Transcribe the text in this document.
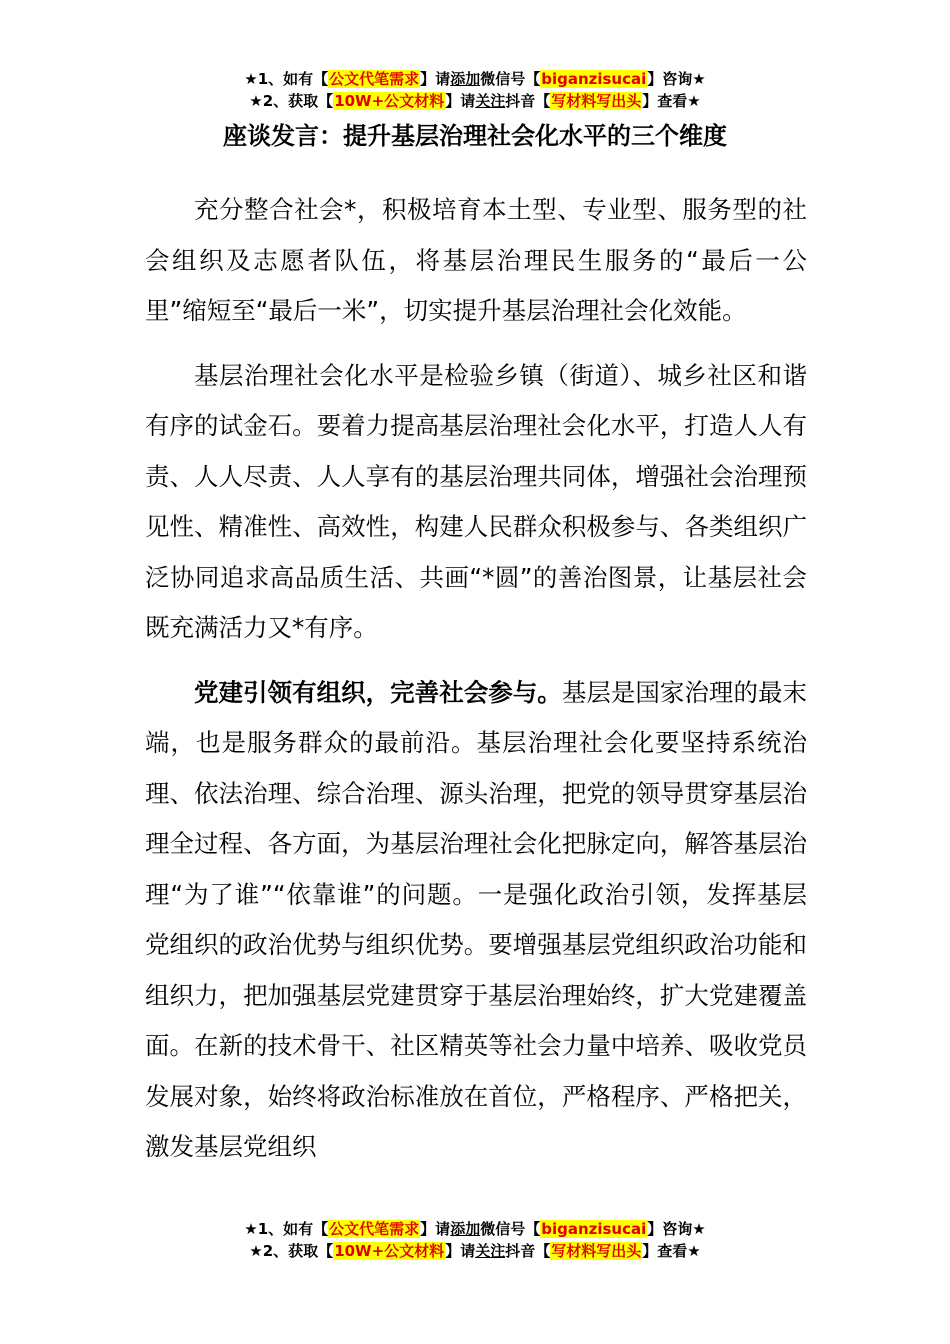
★1、如有【公文代笔需求】请添加微信号【biganzisucai】咨询★
★2、获取【10W+公文材料】请关注抖音【写材料写出头】查看★
座谈发言：提升基层治理社会化水平的三个维度

充分整合社会*，积极培育本土型、专业型、服务型的社会组织及志愿者队伍，将基层治理民生服务的“最后一公里”缩短至“最后一米”，切实提升基层治理社会化效能。

基层治理社会化水平是检验乡镇（街道）、城乡社区和谐有序的试金石。要着力提高基层治理社会化水平，打造人人有责、人人尽责、人人享有的基层治理共同体，增强社会治理预见性、精准性、高效性，构建人民群众积极参与、各类组织广泛协同追求高品质生活、共画“*圆”的善治图景，让基层社会既充满活力又*有序。

党建引领有组织，完善社会参与。基层是国家治理的最末端，也是服务群众的最前沿。基层治理社会化要坚持系统治理、依法治理、综合治理、源头治理，把党的领导贯穿基层治理全过程、各方面，为基层治理社会化把脉定向，解答基层治理“为了谁”“依靠谁”的问题。一是强化政治引领，发挥基层党组织的政治优势与组织优势。要增强基层党组织政治功能和组织力，把加强基层党建贯穿于基层治理始终，扩大党建覆盖面。在新的技术骨干、社区精英等社会力量中培养、吸收党员发展对象，始终将政治标准放在首位，严格程序、严格把关，激发基层党组织

★1、如有【公文代笔需求】请添加微信号【biganzisucai】咨询★
★2、获取【10W+公文材料】请关注抖音【写材料写出头】查看★
